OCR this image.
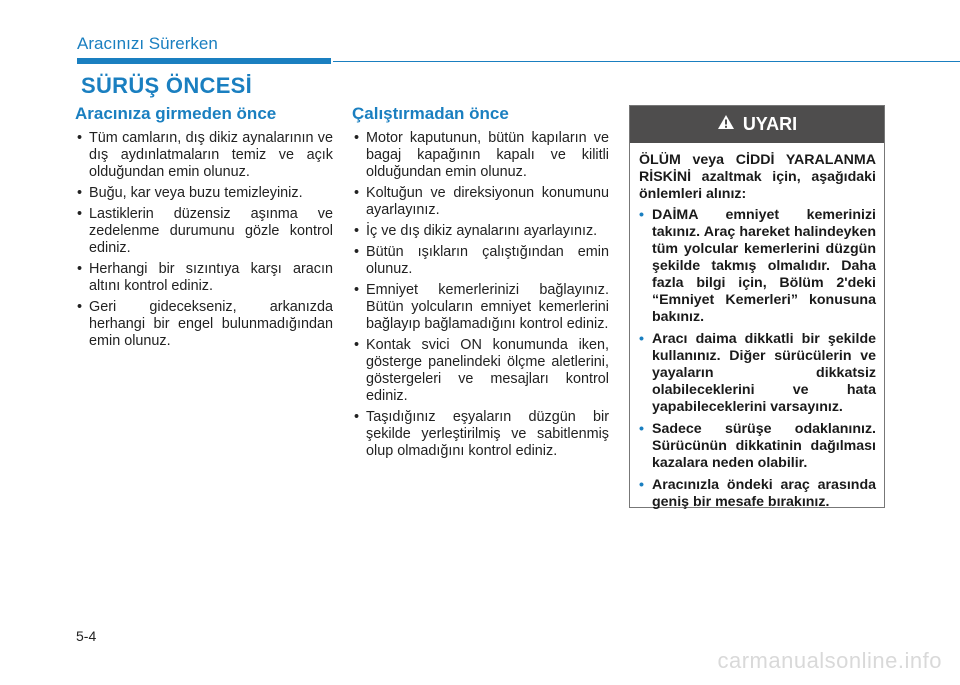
Aracınızı Sürerken
SÜRÜŞ ÖNCESİ
Aracınıza girmeden önce
• Tüm camların, dış dikiz aynalarının ve dış aydınlatmaların temiz ve açık olduğundan emin olunuz.
• Buğu, kar veya buzu temizleyiniz.
• Lastiklerin düzensiz aşınma ve zedelenme durumunu gözle kontrol ediniz.
• Herhangi bir sızıntıya karşı aracın altını kontrol ediniz.
• Geri gidecekseniz, arkanızda herhangi bir engel bulunmadığından emin olunuz.
Çalıştırmadan önce
• Motor kaputunun, bütün kapıların ve bagaj kapağının kapalı ve kilitli olduğundan emin olunuz.
• Koltuğun ve direksiyonun konumunu ayarlayınız.
• İç ve dış dikiz aynalarını ayarlayınız.
• Bütün ışıkların çalıştığından emin olunuz.
• Emniyet kemerlerinizi bağlayınız. Bütün yolcuların emniyet kemerlerini bağlayıp bağlamadığını kontrol ediniz.
• Kontak svici ON konumunda iken, gösterge panelindeki ölçme aletlerini, göstergeleri ve mesajları kontrol ediniz.
• Taşıdığınız eşyaların düzgün bir şekilde yerleştirilmiş ve sabitlenmiş olup olmadığını kontrol ediniz.
UYARI

ÖLÜM veya CİDDİ YARALANMA RİSKİNİ azaltmak için, aşağıdaki önlemleri alınız:

• DAİMA emniyet kemerinizi takınız. Araç hareket halindeyken tüm yolcular kemerlerini düzgün şekilde takmış olmalıdır. Daha fazla bilgi için, Bölüm 2'deki “Emniyet Kemerleri” konusuna bakınız.
• Aracı daima dikkatli bir şekilde kullanınız. Diğer sürücülerin ve yayaların dikkatsiz olabileceklerini ve hata yapabileceklerini varsayınız.
• Sadece sürüşe odaklanınız. Sürücünün dikkatinin dağılması kazalara neden olabilir.
• Aracınızla öndeki araç arasında geniş bir mesafe bırakınız.
5-4
carmanualsonline.info
